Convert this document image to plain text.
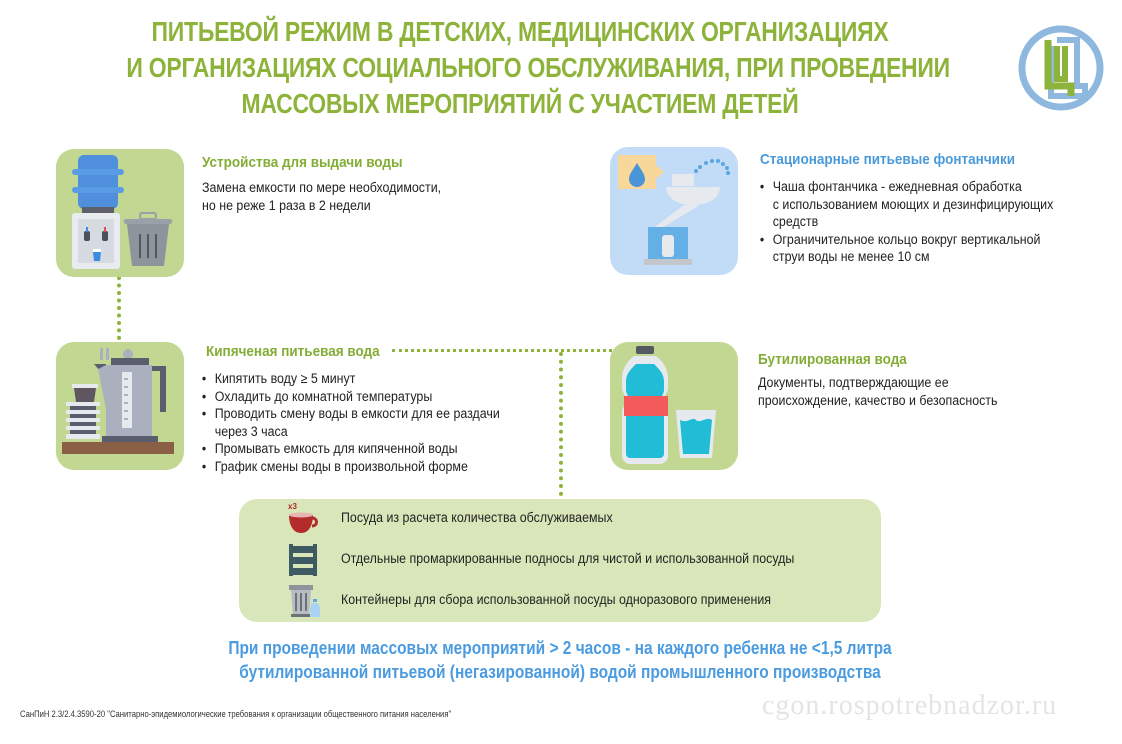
ПИТЬЕВОЙ РЕЖИМ В ДЕТСКИХ, МЕДИЦИНСКИХ ОРГАНИЗАЦИЯХ
И ОРГАНИЗАЦИЯХ СОЦИАЛЬНОГО ОБСЛУЖИВАНИЯ, ПРИ ПРОВЕДЕНИИ
МАССОВЫХ МЕРОПРИЯТИЙ С УЧАСТИЕМ ДЕТЕЙ
Устройства для выдачи воды
Замена емкости по мере необходимости,
но не реже 1 раза в 2 недели
Стационарные питьевые фонтанчики
• Чаша фонтанчика - ежедневная обработка
с использованием моющих и дезинфицирующих
средств
• Ограничительное кольцо вокруг вертикальной
струи воды не менее 10 см
Кипяченая питьевая вода
• Кипятить воду ≥ 5 минут
• Охладить до комнатной температуры
• Проводить смену воды в емкости для ее раздачи
через 3 часа
• Промывать емкость для кипяченной воды
• График смены воды в произвольной форме
Бутилированная вода
Документы, подтверждающие ее
происхождение, качество и безопасность
x3
Посуда из расчета количества обслуживаемых
Отдельные промаркированные подносы для чистой и использованной посуды
Контейнеры для сбора использованной посуды одноразового применения
При проведении массовых мероприятий > 2 часов - на каждого ребенка не <1,5 литра
бутилированной питьевой (негазированной) водой промышленного производства
СанПиН 2.3/2.4.3590-20 "Санитарно-эпидемиологические требования к организации общественного питания населения"	cgon.rospotrebnadzor.ru
